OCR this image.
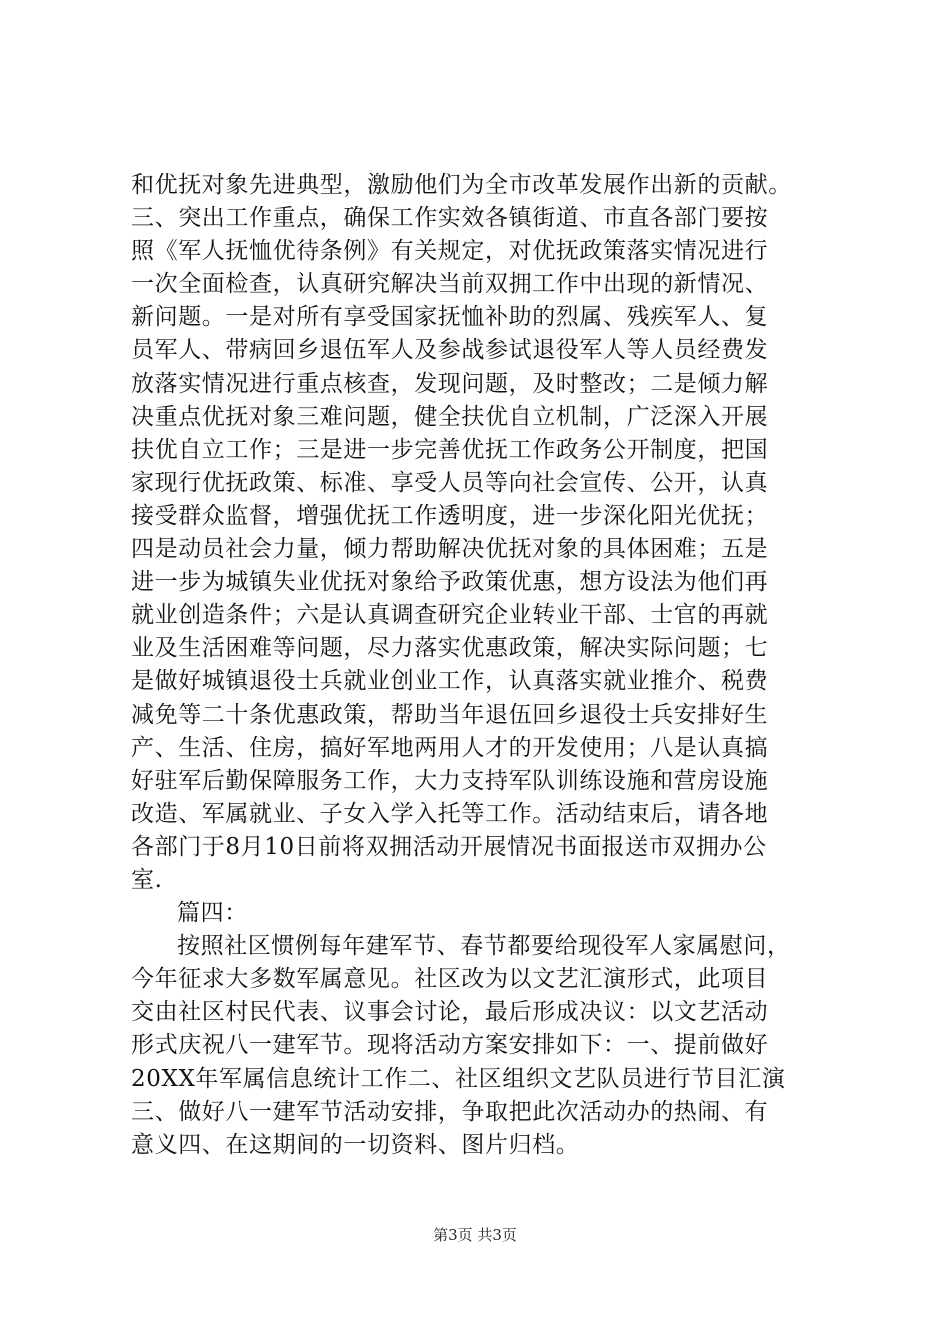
和优抚对象先进典型，激励他们为全市改革发展作出新的贡献。
三、突出工作重点，确保工作实效各镇街道、市直各部门要按
照《军人抚恤优待条例》有关规定，对优抚政策落实情况进行
一次全面检查，认真研究解决当前双拥工作中出现的新情况、
新问题。一是对所有享受国家抚恤补助的烈属、残疾军人、复
员军人、带病回乡退伍军人及参战参试退役军人等人员经费发
放落实情况进行重点核查，发现问题，及时整改；二是倾力解
决重点优抚对象三难问题，健全扶优自立机制，广泛深入开展
扶优自立工作；三是进一步完善优抚工作政务公开制度，把国
家现行优抚政策、标准、享受人员等向社会宣传、公开，认真
接受群众监督，增强优抚工作透明度，进一步深化阳光优抚；
四是动员社会力量，倾力帮助解决优抚对象的具体困难；五是
进一步为城镇失业优抚对象给予政策优惠，想方设法为他们再
就业创造条件；六是认真调查研究企业转业干部、士官的再就
业及生活困难等问题，尽力落实优惠政策，解决实际问题；七
是做好城镇退役士兵就业创业工作，认真落实就业推介、税费
减免等二十条优惠政策，帮助当年退伍回乡退役士兵安排好生
产、生活、住房，搞好军地两用人才的开发使用；八是认真搞
好驻军后勤保障服务工作，大力支持军队训练设施和营房设施
改造、军属就业、子女入学入托等工作。活动结束后，请各地
各部门于8月10日前将双拥活动开展情况书面报送市双拥办公
室.
篇四：
按照社区惯例每年建军节、春节都要给现役军人家属慰问，
今年征求大多数军属意见。社区改为以文艺汇演形式，此项目
交由社区村民代表、议事会讨论，最后形成决议：以文艺活动
形式庆祝八一建军节。现将活动方案安排如下：一、提前做好
20XX年军属信息统计工作二、社区组织文艺队员进行节目汇演
三、做好八一建军节活动安排，争取把此次活动办的热闹、有
意义四、在这期间的一切资料、图片归档。
第3页 共3页
